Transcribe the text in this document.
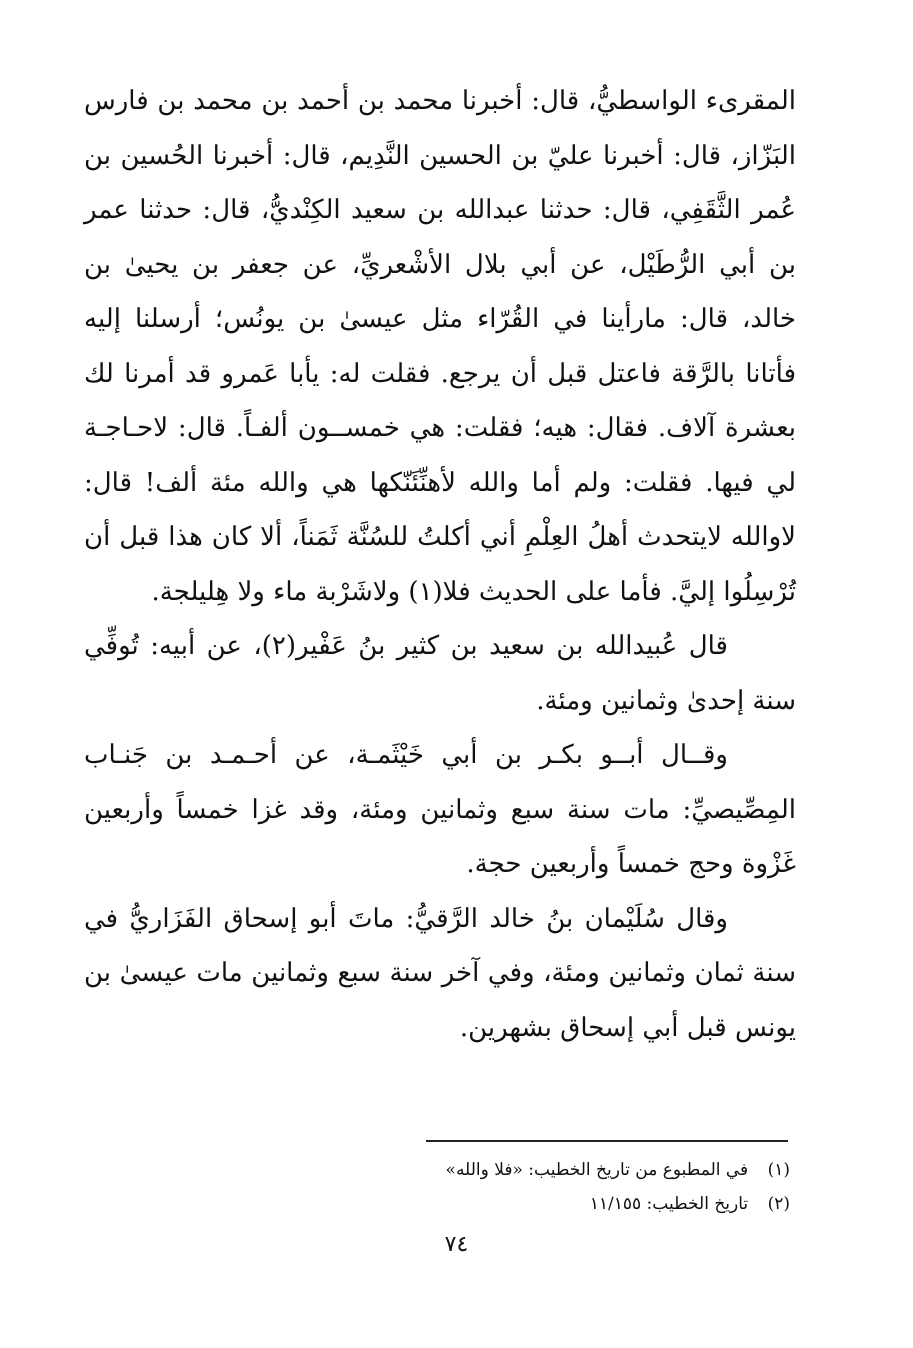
المقرىء الواسطيُّ، قال: أخبرنا محمد بن أحمد بن محمد بن فارس البَزّاز، قال: أخبرنا عليّ بن الحسين النَّدِيم، قال: أخبرنا الحُسين بن عُمر الثَّقَفِي، قال: حدثنا عبدالله بن سعيد الكِنْديُّ، قال: حدثنا عمر بن أبي الرُّطَيْل، عن أبي بلال الأشْعريِّ، عن جعفر بن يحيىٰ بن خالد، قال: مارأينا في القُرّاء مثل عيسىٰ بن يونُس؛ أرسلنا إليه فأتانا بالرَّقة فاعتل قبل أن يرجع. فقلت له: يأبا عَمرو قد أمرنا لك بعشرة آلاف. فقال: هيه؛ فقلت: هي خمســون ألفـاً. قال: لاحـاجـة لي فيها. فقلت: ولم أما والله لأهنِّئَنّكها هي والله مئة ألف! قال: لاوالله لايتحدث أهلُ العِلْمِ أني أكلتُ للسُنَّة ثَمَناً، ألا كان هذا قبل أن تُرْسِلُوا إليَّ. فأما على الحديث فلا(١) ولاشَرْبة ماء ولا هِليلجة.

قال عُبيدالله بن سعيد بن كثير بنُ عَفْير(٢)، عن أبيه: تُوفِّي سنة إحدىٰ وثمانين ومئة.

وقــال أبــو بكـر بن أبي خَيْثَمـة، عن أحـمـد بن جَنـاب المِصِّيصيِّ: مات سنة سبع وثمانين ومئة، وقد غزا خمساً وأربعين غَزْوة وحج خمساً وأربعين حجة.

وقال سُلَيْمان بنُ خالد الرَّقيُّ: ماتَ أبو إسحاق الفَزَاريُّ في سنة ثمان وثمانين ومئة، وفي آخر سنة سبع وثمانين مات عيسىٰ بن يونس قبل أبي إسحاق بشهرين.

(١) في المطبوع من تاريخ الخطيب: «فلا والله»

(٢) تاريخ الخطيب: ١١/١٥٥

٧٤
